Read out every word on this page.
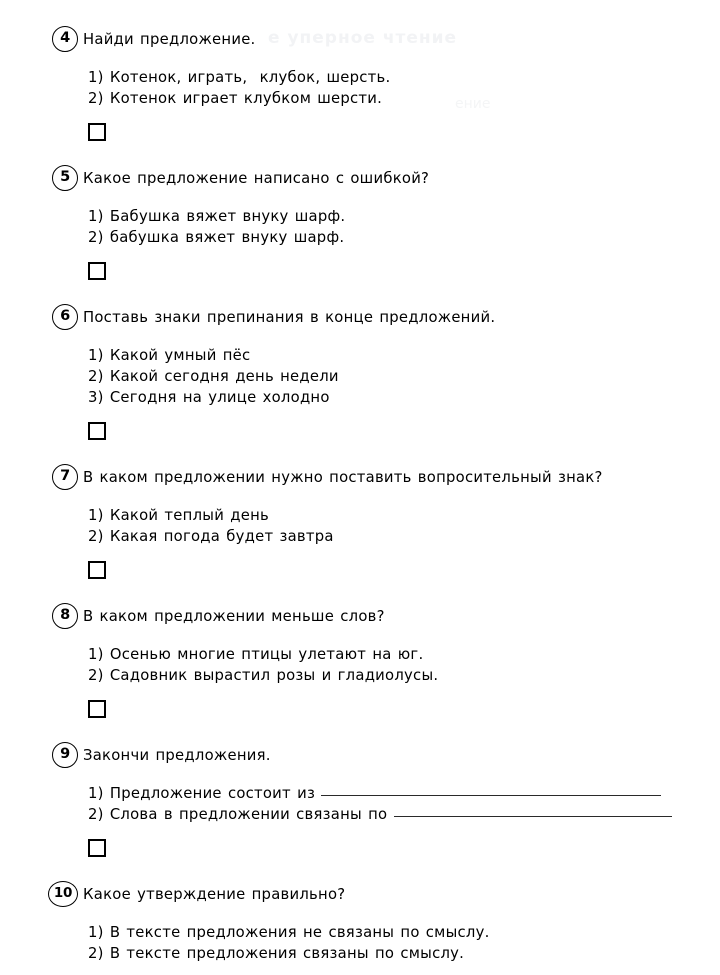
е уперное чтение
ение
4 Найди предложение.
1)
Котенок, играть,  клубок, шерсть.
2)
Котенок играет клубком шерсти.
5 Какое предложение написано с ошибкой?
1)
Бабушка вяжет внуку шарф.
2)
бабушка вяжет внуку шарф.
6 Поставь знаки препинания в конце предложений.
1)
Какой умный пёс
2)
Какой сегодня день недели
3)
Сегодня на улице холодно
7 В каком предложении нужно поставить вопросительный знак?
1)
Какой теплый день
2)
Какая погода будет завтра
8 В каком предложении меньше слов?
1)
Осенью многие птицы улетают на юг.
2)
Садовник вырастил розы и гладиолусы.
9 Закончи предложения.
1)
Предложение состоит из
2)
Слова в предложении связаны по
10 Какое утверждение правильно?
1)
В тексте предложения не связаны по смыслу.
2)
В тексте предложения связаны по смыслу.
